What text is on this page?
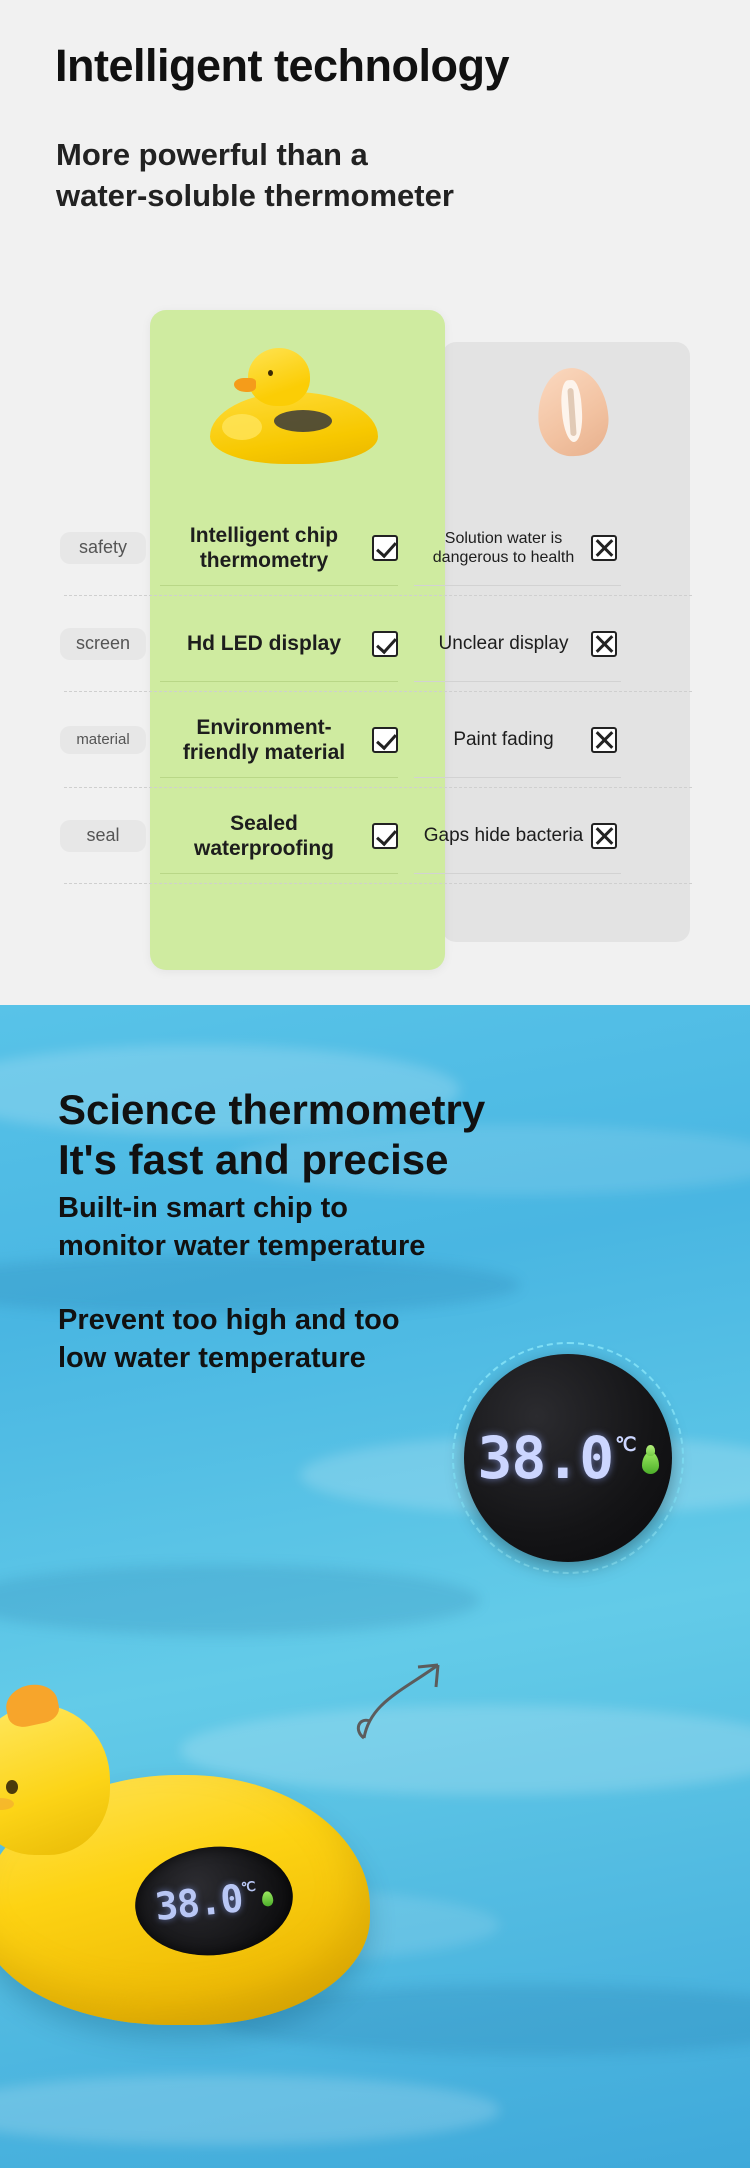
Intelligent technology
More powerful than a
water-soluble thermometer
safety
Intelligent chip thermometry
Solution water is dangerous to health
screen	Hd LED display	Unclear display
material
Environment-friendly material
Paint fading
seal
Sealed waterproofing
Gaps hide bacteria
Science thermometry
It's fast and precise
Built-in smart chip to
monitor water temperature
Prevent too high and too
low water temperature
38.0 ℃
38.0
℃
